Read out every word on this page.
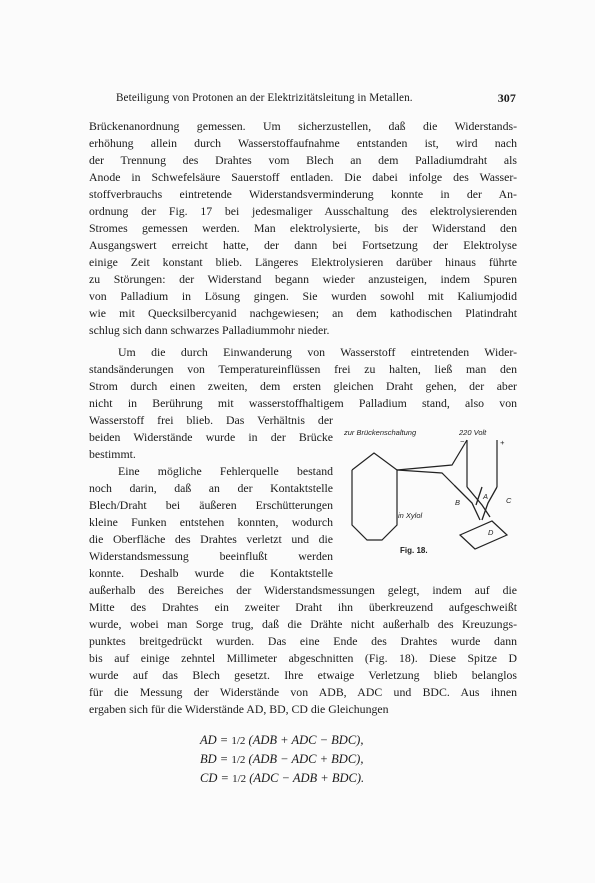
Beteiligung von Protonen an der Elektrizitätsleitung in Metallen.	307
Brückenanordnung gemessen. Um sicherzustellen, daß die Widerstands-
erhöhung allein durch Wasserstoffaufnahme entstanden ist, wird nach
der Trennung des Drahtes vom Blech an dem Palladiumdraht als
Anode in Schwefelsäure Sauerstoff entladen. Die dabei infolge des Wasser-
stoffverbrauchs eintretende Widerstandsverminderung konnte in der An-
ordnung der Fig. 17 bei jedesmaliger Ausschaltung des elektrolysierenden
Stromes gemessen werden. Man elektrolysierte, bis der Widerstand den
Ausgangswert erreicht hatte, der dann bei Fortsetzung der Elektrolyse
einige Zeit konstant blieb. Längeres Elektrolysieren darüber hinaus führte
zu Störungen: der Widerstand begann wieder anzusteigen, indem Spuren
von Palladium in Lösung gingen. Sie wurden sowohl mit Kaliumjodid
wie mit Quecksilbercyanid nachgewiesen; an dem kathodischen Platindraht
schlug sich dann schwarzes Palladiummohr nieder.
Um die durch Einwanderung von Wasserstoff eintretenden Wider-
standsänderungen von Temperatureinflüssen frei zu halten, ließ man den
Strom durch einen zweiten, dem ersten gleichen Draht gehen, der aber
nicht in Berührung mit wasserstoffhaltigem Palladium stand, also von
Wasserstoff frei blieb. Das Verhältnis der
beiden Widerstände wurde in der Brücke
bestimmt.
Eine mögliche Fehlerquelle bestand
noch darin, daß an der Kontaktstelle
Blech/Draht bei äußeren Erschütterungen
kleine Funken entstehen konnten, wodurch
die Oberfläche des Drahtes verletzt und die
Widerstandsmessung beeinflußt werden
konnte. Deshalb wurde die Kontaktstelle
außerhalb des Bereiches der Widerstandsmessungen gelegt, indem auf die
Mitte des Drahtes ein zweiter Draht ihn überkreuzend aufgeschweißt
wurde, wobei man Sorge trug, daß die Drähte nicht außerhalb des Kreuzungs-
punktes breitgedrückt wurden. Das eine Ende des Drahtes wurde dann
bis auf einige zehntel Millimeter abgeschnitten (Fig. 18). Diese Spitze D
wurde auf das Blech gesetzt. Ihre etwaige Verletzung blieb belanglos
für die Messung der Widerstände von ADB, ADC und BDC. Aus ihnen
ergaben sich für die Widerstände AD, BD, CD die Gleichungen
AD = 1/2 (ADB + ADC − BDC),
BD = 1/2 (ADB − ADC + BDC),
CD = 1/2 (ADC − ADB + BDC).
zur Brückenschaltung	220 Volt
−	+
B
A C
D
in Xylol
Fig. 18.
